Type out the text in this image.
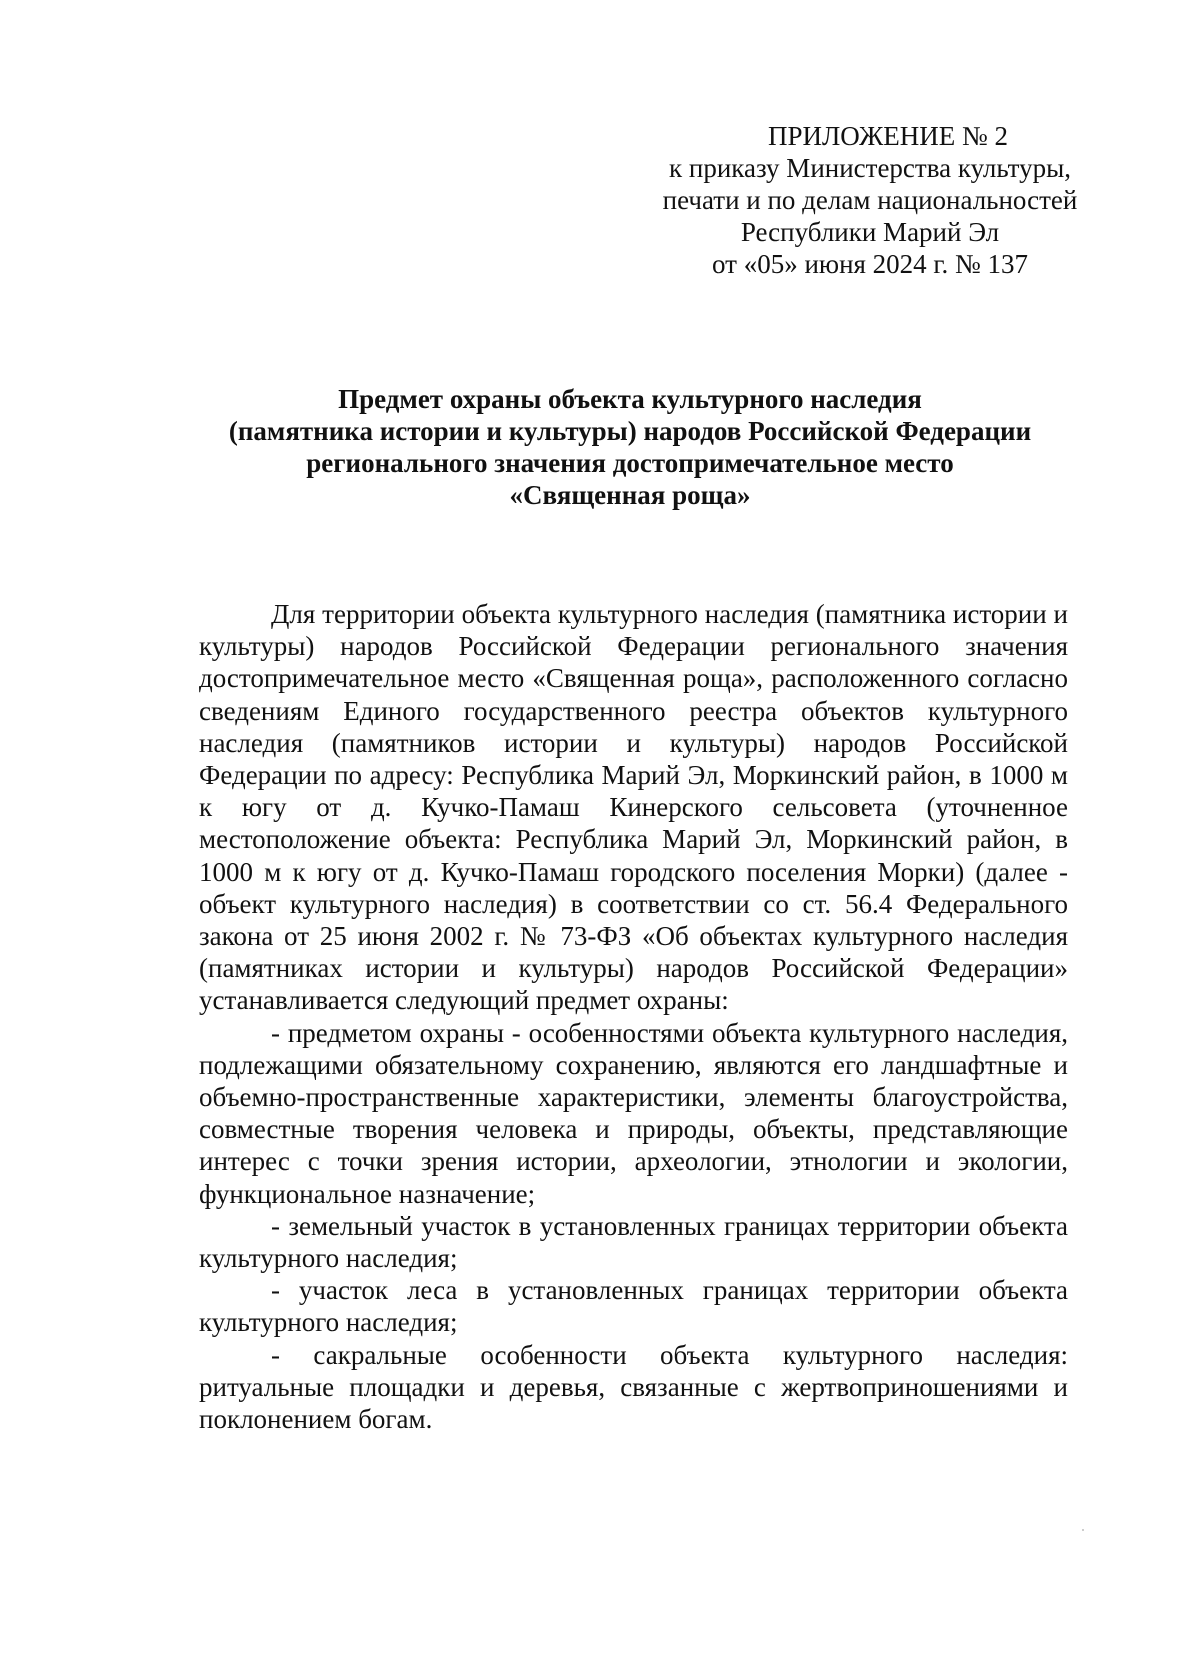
ПРИЛОЖЕНИЕ № 2
к приказу Министерства культуры,
печати и по делам национальностей
Республики Марий Эл
от «05» июня 2024 г. № 137
Предмет охраны объекта культурного наследия
(памятника истории и культуры) народов Российской Федерации
регионального значения достопримечательное место
«Священная роща»

Для территории объекта культурного наследия (памятника истории и культуры) народов Российской Федерации регионального значения достопримечательное место «Священная роща», расположенного согласно сведениям Единого государственного реестра объектов культурного наследия (памятников истории и культуры) народов Российской Федерации по адресу: Республика Марий Эл, Моркинский район, в 1000 м к югу от д. Кучко-Памаш Кинерского сельсовета (уточненное местоположение объекта: Республика Марий Эл, Моркинский район, в 1000 м к югу от д. Кучко-Памаш городского поселения Морки) (далее - объект культурного наследия) в соответствии со ст. 56.4 Федерального закона от 25 июня 2002 г. № 73-ФЗ «Об объектах культурного наследия (памятниках истории и культуры) народов Российской Федерации» устанавливается следующий предмет охраны:

- предметом охраны - особенностями объекта культурного наследия, подлежащими обязательному сохранению, являются его ландшафтные и объемно-пространственные характеристики, элементы благоустройства, совместные творения человека и природы, объекты, представляющие интерес с точки зрения истории, археологии, этнологии и экологии, функциональное назначение;

- земельный участок в установленных границах территории объекта культурного наследия;

- участок леса в установленных границах территории объекта культурного наследия;

- сакральные особенности объекта культурного наследия: ритуальные площадки и деревья, связанные с жертвоприношениями и поклонением богам.
